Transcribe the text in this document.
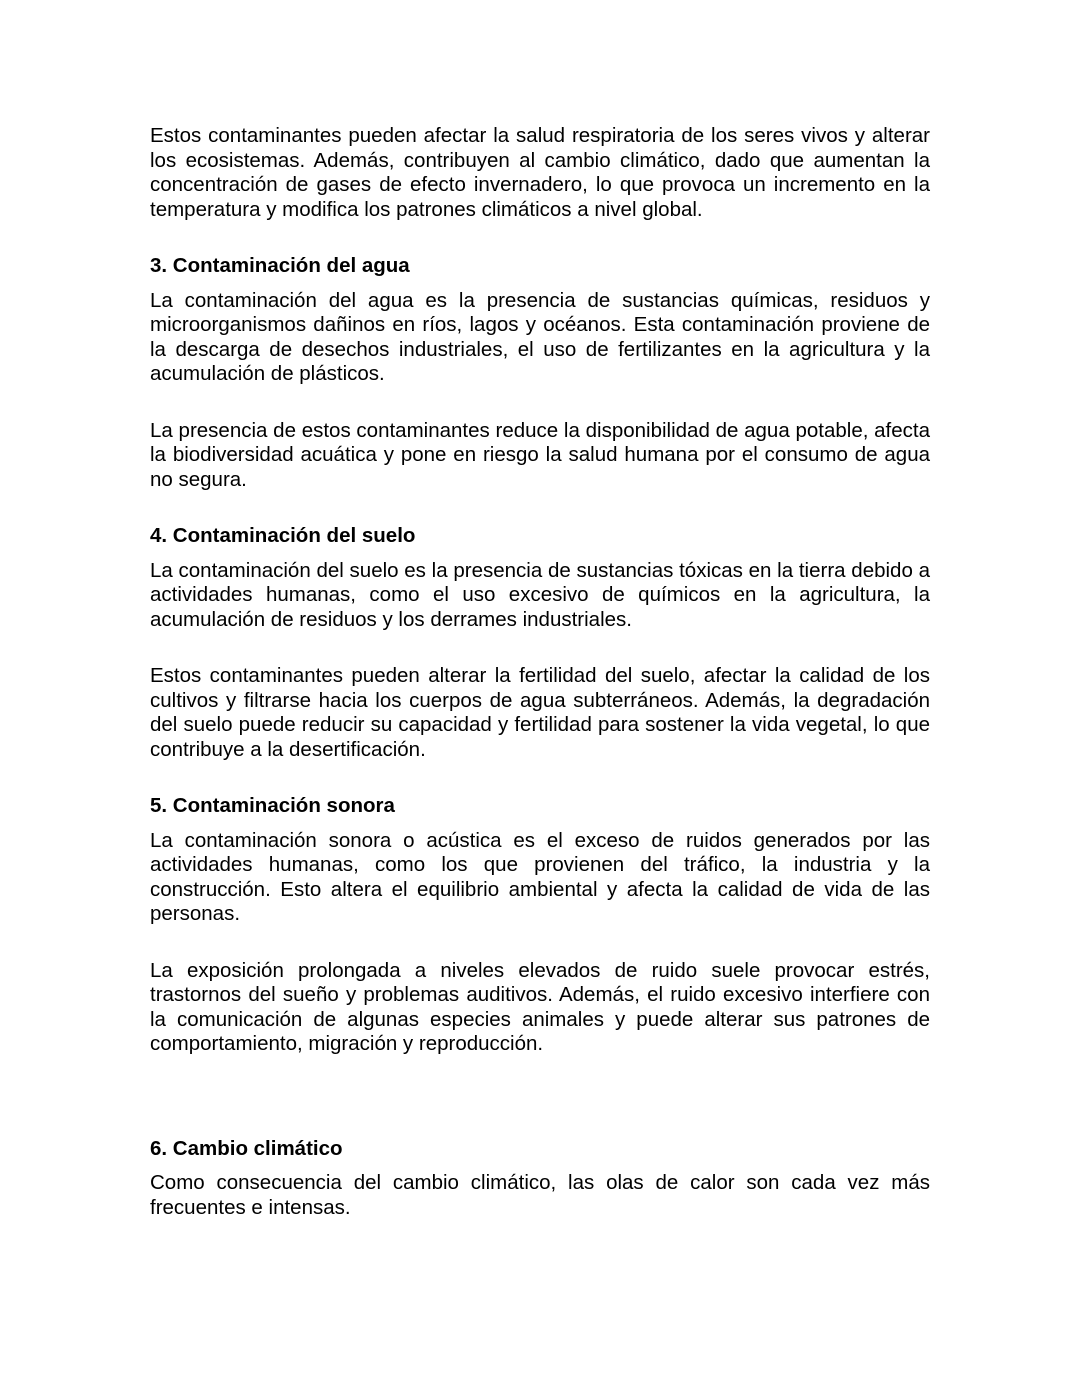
Estos contaminantes pueden afectar la salud respiratoria de los seres vivos y alterar los ecosistemas. Además, contribuyen al cambio climático, dado que aumentan la concentración de gases de efecto invernadero, lo que provoca un incremento en la temperatura y modifica los patrones climáticos a nivel global.

3. Contaminación del agua

La contaminación del agua es la presencia de sustancias químicas, residuos y microorganismos dañinos en ríos, lagos y océanos. Esta contaminación proviene de la descarga de desechos industriales, el uso de fertilizantes en la agricultura y la acumulación de plásticos.

La presencia de estos contaminantes reduce la disponibilidad de agua potable, afecta la biodiversidad acuática y pone en riesgo la salud humana por el consumo de agua no segura.

4. Contaminación del suelo

La contaminación del suelo es la presencia de sustancias tóxicas en la tierra debido a actividades humanas, como el uso excesivo de químicos en la agricultura, la acumulación de residuos y los derrames industriales.

Estos contaminantes pueden alterar la fertilidad del suelo, afectar la calidad de los cultivos y filtrarse hacia los cuerpos de agua subterráneos. Además, la degradación del suelo puede reducir su capacidad y fertilidad para sostener la vida vegetal, lo que contribuye a la desertificación.

5. Contaminación sonora

La contaminación sonora o acústica es el exceso de ruidos generados por las actividades humanas, como los que provienen del tráfico, la industria y la construcción. Esto altera el equilibrio ambiental y afecta la calidad de vida de las personas.

La exposición prolongada a niveles elevados de ruido suele provocar estrés, trastornos del sueño y problemas auditivos. Además, el ruido excesivo interfiere con la comunicación de algunas especies animales y puede alterar sus patrones de comportamiento, migración y reproducción.

6. Cambio climático

Como consecuencia del cambio climático, las olas de calor son cada vez más frecuentes e intensas.
